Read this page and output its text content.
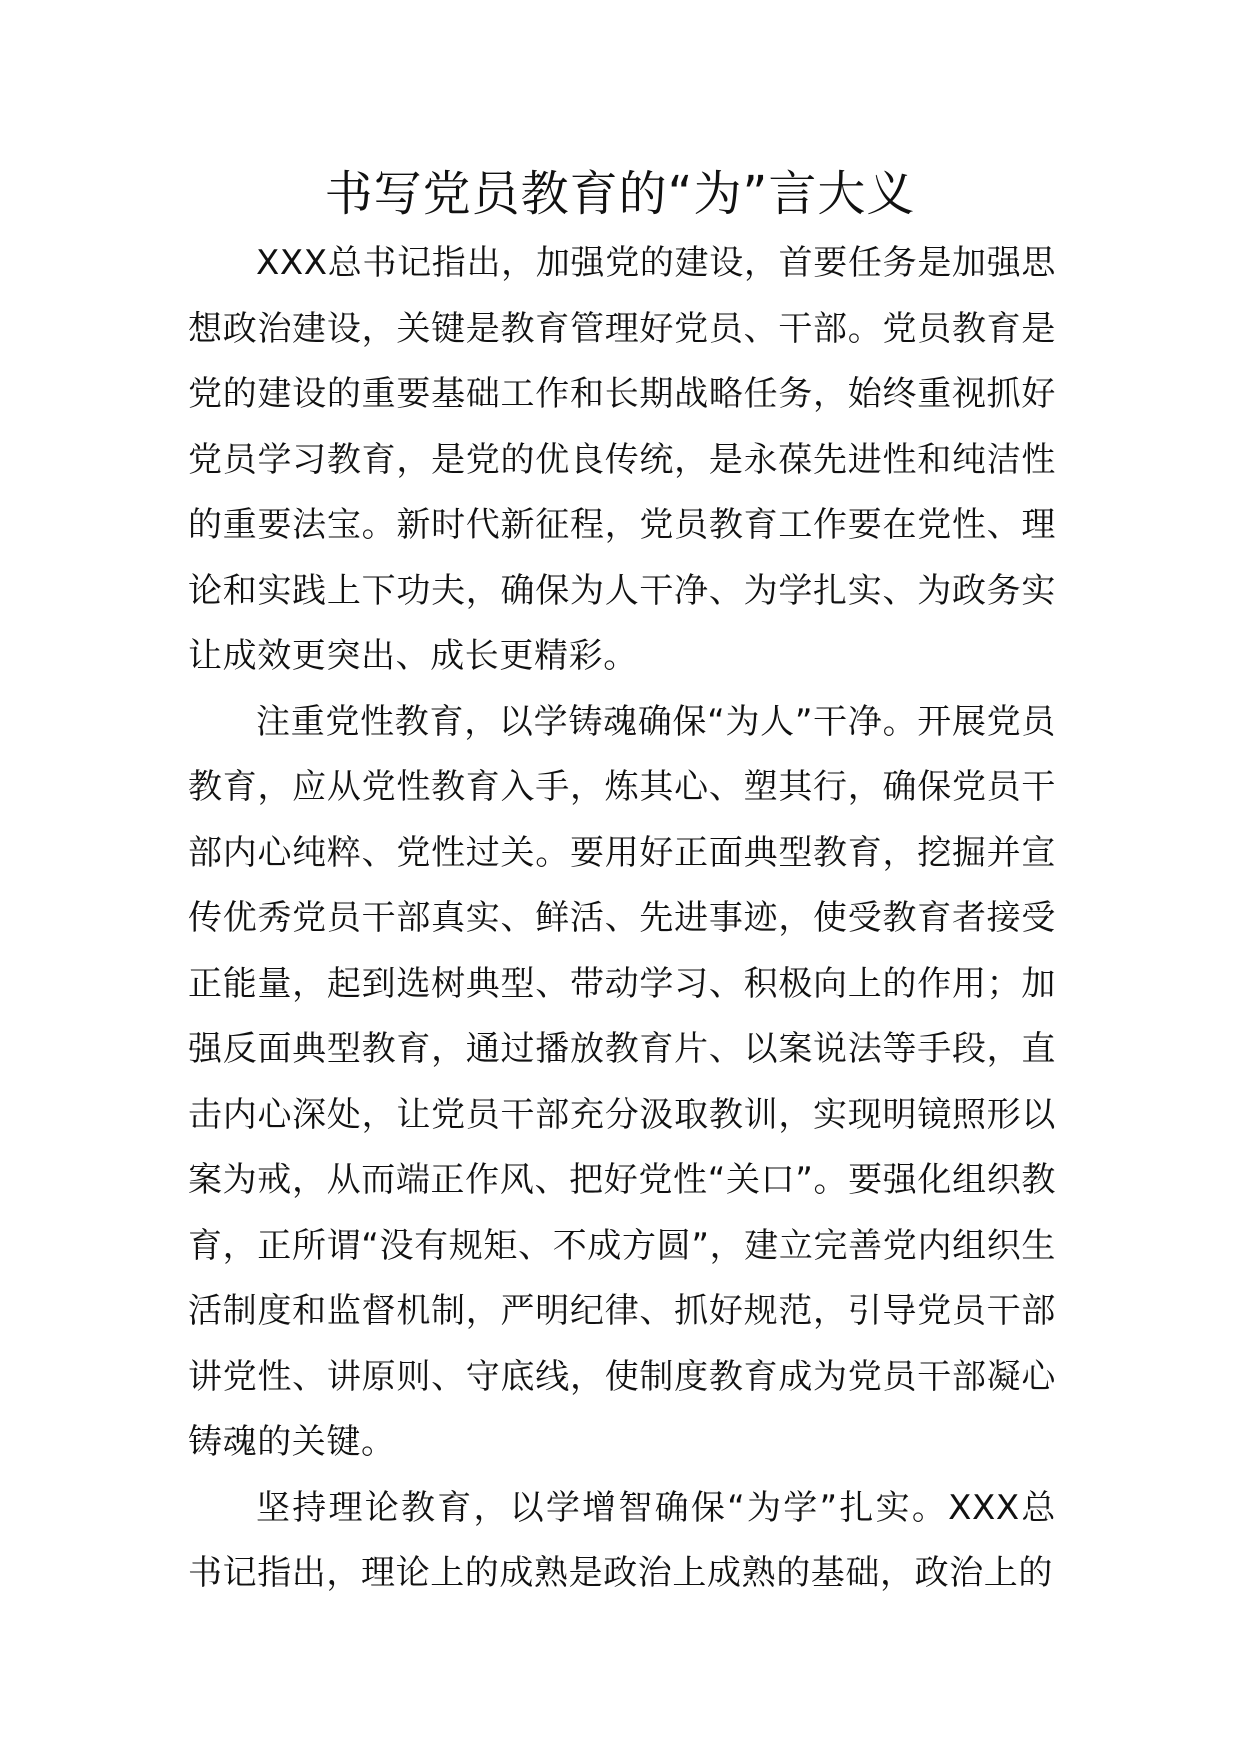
书写党员教育的“为”言大义

XXX总书记指出，加强党的建设，首要任务是加强思想政治建设，关键是教育管理好党员、干部。党员教育是党的建设的重要基础工作和长期战略任务，始终重视抓好党员学习教育，是党的优良传统，是永葆先进性和纯洁性的重要法宝。新时代新征程，党员教育工作要在党性、理论和实践上下功夫，确保为人干净、为学扎实、为政务实让成效更突出、成长更精彩。

注重党性教育，以学铸魂确保“为人”干净。开展党员教育，应从党性教育入手，炼其心、塑其行，确保党员干部内心纯粹、党性过关。要用好正面典型教育，挖掘并宣传优秀党员干部真实、鲜活、先进事迹，使受教育者接受正能量，起到选树典型、带动学习、积极向上的作用；加强反面典型教育，通过播放教育片、以案说法等手段，直击内心深处，让党员干部充分汲取教训，实现明镜照形以案为戒，从而端正作风、把好党性“关口”。要强化组织教育，正所谓“没有规矩、不成方圆”，建立完善党内组织生活制度和监督机制，严明纪律、抓好规范，引导党员干部讲党性、讲原则、守底线，使制度教育成为党员干部凝心铸魂的关键。

坚持理论教育，以学增智确保“为学”扎实。XXX总书记指出，理论上的成熟是政治上成熟的基础，政治上的
